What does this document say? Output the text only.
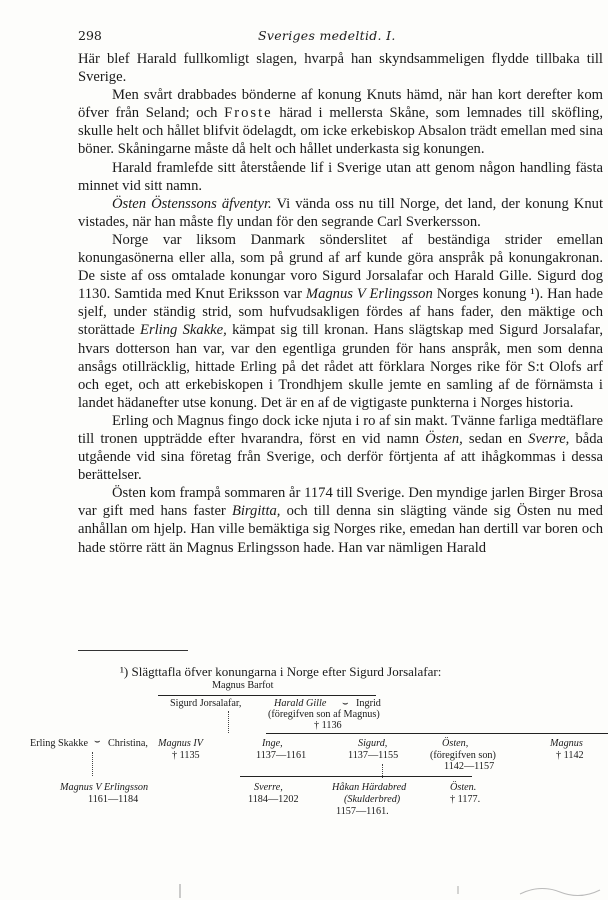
298	Sveriges medeltid. I.

Här blef Harald fullkomligt slagen, hvarpå han skyndsammeligen flydde tillbaka till Sverige.

Men svårt drabbades bönderne af konung Knuts hämd, när han kort derefter kom öfver från Seland; och Froste härad i mellersta Skåne, som lemnades till sköfling, skulle helt och hållet blifvit ödelagdt, om icke erkebiskop Absalon trädt emellan med sina böner. Skåningarne måste då helt och hållet underkasta sig konungen.

Harald framlefde sitt återstående lif i Sverige utan att genom någon handling fästa minnet vid sitt namn.

Östen Östenssons äfventyr. Vi vända oss nu till Norge, det land, der konung Knut vistades, när han måste fly undan för den segrande Carl Sverkersson.

Norge var liksom Danmark sönderslitet af beständiga strider emellan konungasönerna eller alla, som på grund af arf kunde göra anspråk på konungakronan. De siste af oss omtalade konungar voro Sigurd Jorsalafar och Harald Gille. Sigurd dog 1130. Samtida med Knut Eriksson var Magnus V Erlingsson Norges konung ¹). Han hade sjelf, under ständig strid, som hufvudsakligen fördes af hans fader, den mäktige och storättade Erling Skakke, kämpat sig till kronan. Hans slägtskap med Sigurd Jorsalafar, hvars dotterson han var, var den egentliga grunden för hans anspråk, men som denna ansågs otillräcklig, hittade Erling på det rådet att förklara Norges rike för S:t Olofs arf och eget, och att erkebiskopen i Trondhjem skulle jemte en samling af de förnämsta i landet hädanefter utse konung. Det är en af de vigtigaste punkterna i Norges historia.

Erling och Magnus fingo dock icke njuta i ro af sin makt. Tvänne farliga medtäflare till tronen uppträdde efter hvarandra, först en vid namn Östen, sedan en Sverre, båda utgående vid sina företag från Sverige, och derför förtjenta af att ihågkommas i dessa berättelser.

Östen kom frampå sommaren år 1174 till Sverige. Den myndige jarlen Birger Brosa var gift med hans faster Birgitta, och till denna sin slägting vände sig Östen nu med anhållan om hjelp. Han ville bemäktiga sig Norges rike, emedan han dertill var boren och hade större rätt än Magnus Erlingsson hade. Han var nämligen Harald

¹) Slägttafla öfver konungarna i Norge efter Sigurd Jorsalafar:
Magnus Barfot
Sigurd Jorsalafar,	Harald Gille ⌣ Ingrid
(föregifven son af Magnus)
† 1136
Erling Skakke ⌣ Christina, Magnus IV
† 1135
Inge,
1137—1161
Sigurd,
1137—1155
Östen,
(föregifven son)
1142—1157
Magnus
† 1142
Magnus V Erlingsson
1161—1184
Sverre,
1184—1202
Håkan Härdabred
(Skulderbred)
1157—1161.
Östen.
† 1177.
